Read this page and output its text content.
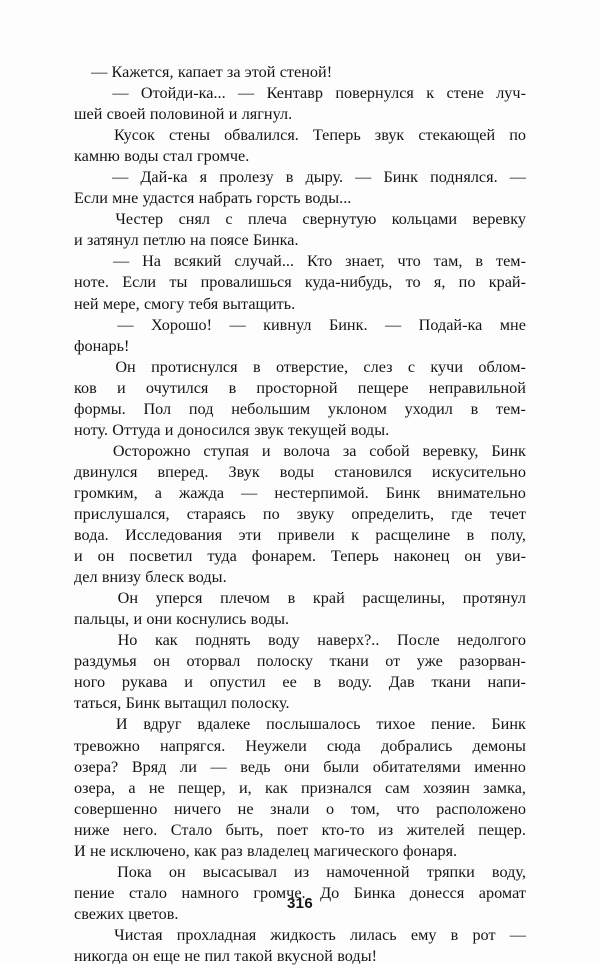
— Кажется, капает за этой стеной!

— Отойди-ка... — Кентавр повернулся к стене луч-
шей своей половиной и лягнул.

Кусок стены обвалился. Теперь звук стекающей по
камню воды стал громче.

— Дай-ка я пролезу в дыру. — Бинк поднялся. —
Если мне удастся набрать горсть воды...

Честер снял с плеча свернутую кольцами веревку
и затянул петлю на поясе Бинка.

— На всякий случай... Кто знает, что там, в тем-
ноте. Если ты провалишься куда-нибудь, то я, по край-
ней мере, смогу тебя вытащить.

— Хорошо! — кивнул Бинк. — Подай-ка мне
фонарь!

Он протиснулся в отверстие, слез с кучи облом-
ков и очутился в просторной пещере неправильной
формы. Пол под небольшим уклоном уходил в тем-
ноту. Оттуда и доносился звук текущей воды.

Осторожно ступая и волоча за собой веревку, Бинк
двинулся вперед. Звук воды становился искусительно
громким, а жажда — нестерпимой. Бинк внимательно
прислушался, стараясь по звуку определить, где течет
вода. Исследования эти привели к расщелине в полу,
и он посветил туда фонарем. Теперь наконец он уви-
дел внизу блеск воды.

Он уперся плечом в край расщелины, протянул
пальцы, и они коснулись воды.

Но как поднять воду наверх?.. После недолгого
раздумья он оторвал полоску ткани от уже разорван-
ного рукава и опустил ее в воду. Дав ткани напи-
таться, Бинк вытащил полоску.

И вдруг вдалеке послышалось тихое пение. Бинк
тревожно напрягся. Неужели сюда добрались демоны
озера? Вряд ли — ведь они были обитателями именно
озера, а не пещер, и, как признался сам хозяин замка,
совершенно ничего не знали о том, что расположено
ниже него. Стало быть, поет кто-то из жителей пещер.
И не исключено, как раз владелец магического фонаря.

Пока он высасывал из намоченной тряпки воду,
пение стало намного громче. До Бинка донесся аромат
свежих цветов.

Чистая прохладная жидкость лилась ему в рот —
никогда он еще не пил такой вкусной воды!

316
